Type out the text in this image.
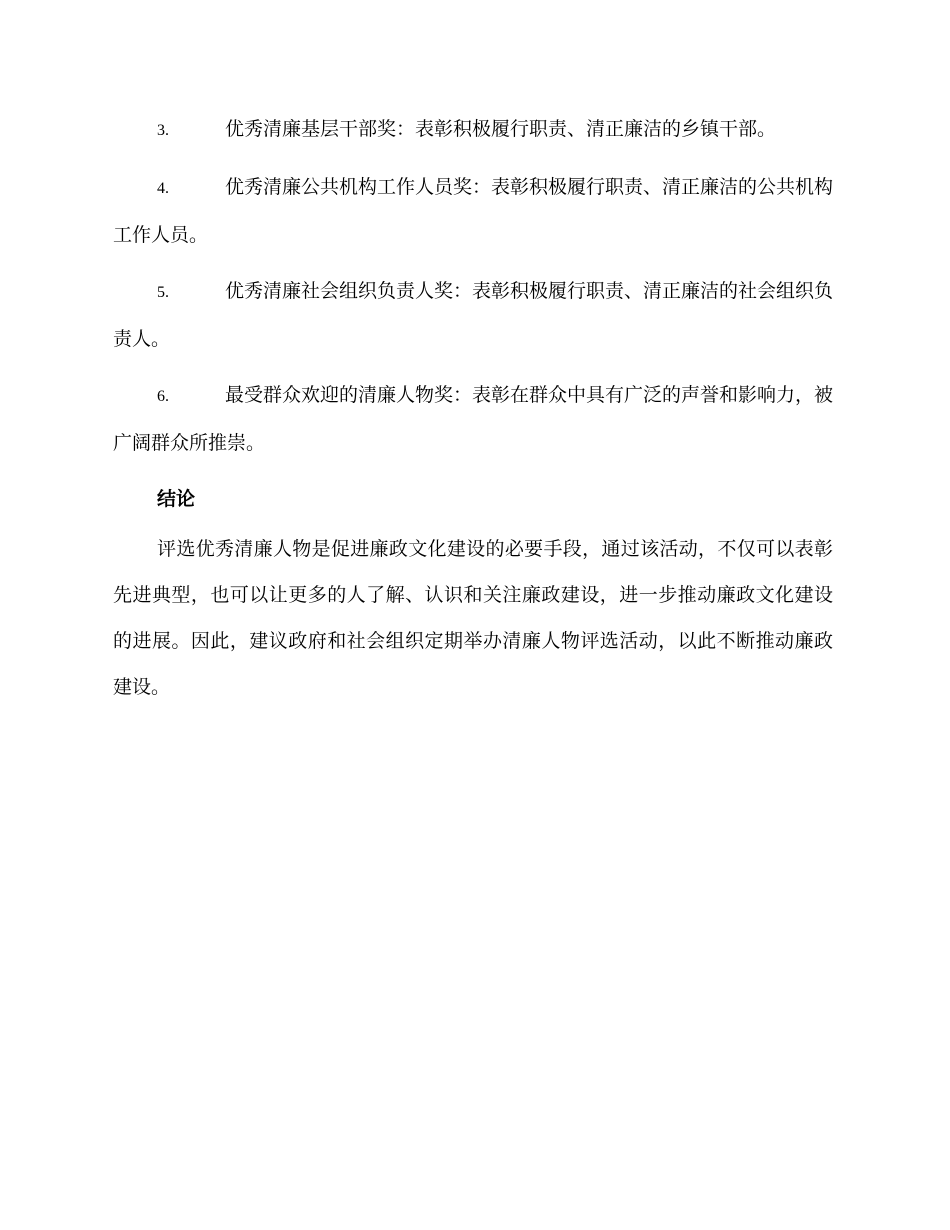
3.	优秀清廉基层干部奖：表彰积极履行职责、清正廉洁的乡镇干部。

4.	优秀清廉公共机构工作人员奖：表彰积极履行职责、清正廉洁的公共机构工作人员。

5.	优秀清廉社会组织负责人奖：表彰积极履行职责、清正廉洁的社会组织负责人。

6.	最受群众欢迎的清廉人物奖：表彰在群众中具有广泛的声誉和影响力，被广阔群众所推崇。

结论

评选优秀清廉人物是促进廉政文化建设的必要手段，通过该活动，不仅可以表彰先进典型，也可以让更多的人了解、认识和关注廉政建设，进一步推动廉政文化建设的进展。因此，建议政府和社会组织定期举办清廉人物评选活动，以此不断推动廉政建设。
